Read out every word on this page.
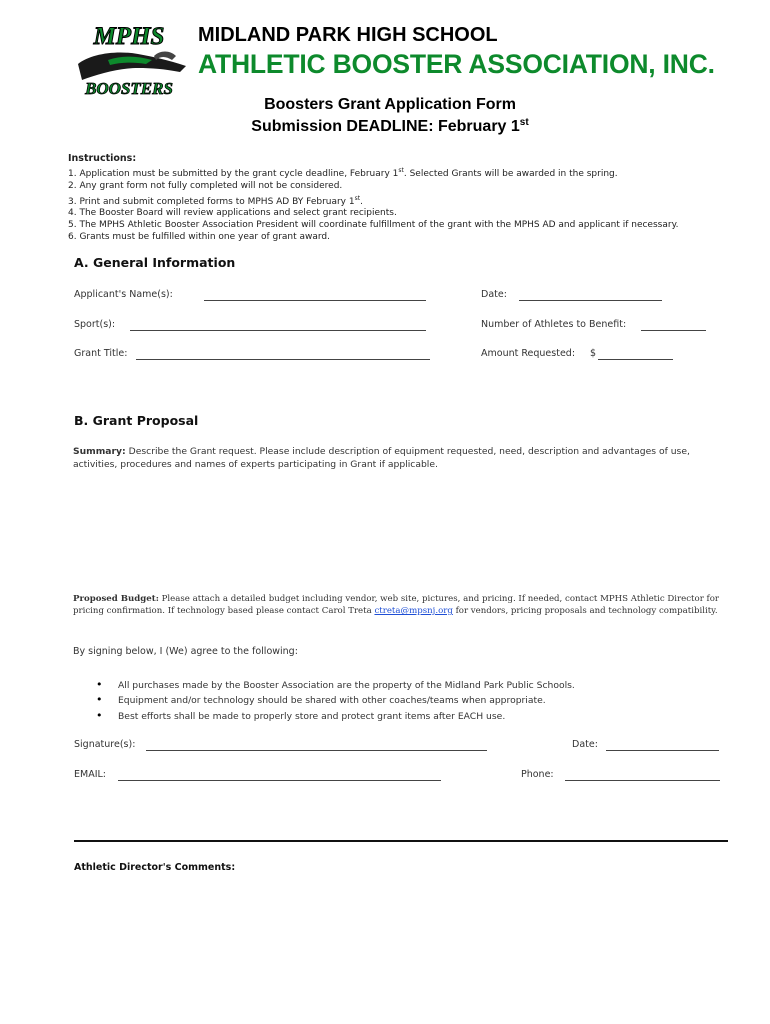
MPHS
BOOSTERS
MIDLAND PARK HIGH SCHOOL
ATHLETIC BOOSTER ASSOCIATION, INC.
Boosters Grant Application Form
Submission DEADLINE: February 1st
Instructions:
1. Application must be submitted by the grant cycle deadline, February 1st. Selected Grants will be awarded in the spring.
2. Any grant form not fully completed will not be considered.
3. Print and submit completed forms to MPHS AD BY February 1st.
4. The Booster Board will review applications and select grant recipients.
5. The MPHS Athletic Booster Association President will coordinate fulfillment of the grant with the MPHS AD and applicant if necessary.
6. Grants must be fulfilled within one year of grant award.
A. General Information
Applicant's Name(s):	Date:
Sport(s):	Number of Athletes to Benefit:
Grant Title:	Amount Requested: $
B. Grant Proposal
Summary: Describe the Grant request. Please include description of equipment requested, need, description and advantages of use, activities, procedures and names of experts participating in Grant if applicable.
Proposed Budget: Please attach a detailed budget including vendor, web site, pictures, and pricing. If needed, contact MPHS Athletic Director for pricing confirmation. If technology based please contact Carol Treta ctreta@mpsnj.org for vendors, pricing proposals and technology compatibility.
By signing below, I (We) agree to the following:
• All purchases made by the Booster Association are the property of the Midland Park Public Schools.
• Equipment and/or technology should be shared with other coaches/teams when appropriate.
• Best efforts shall be made to properly store and protect grant items after EACH use.
Signature(s):	Date:
EMAIL:	Phone:
Athletic Director's Comments:
